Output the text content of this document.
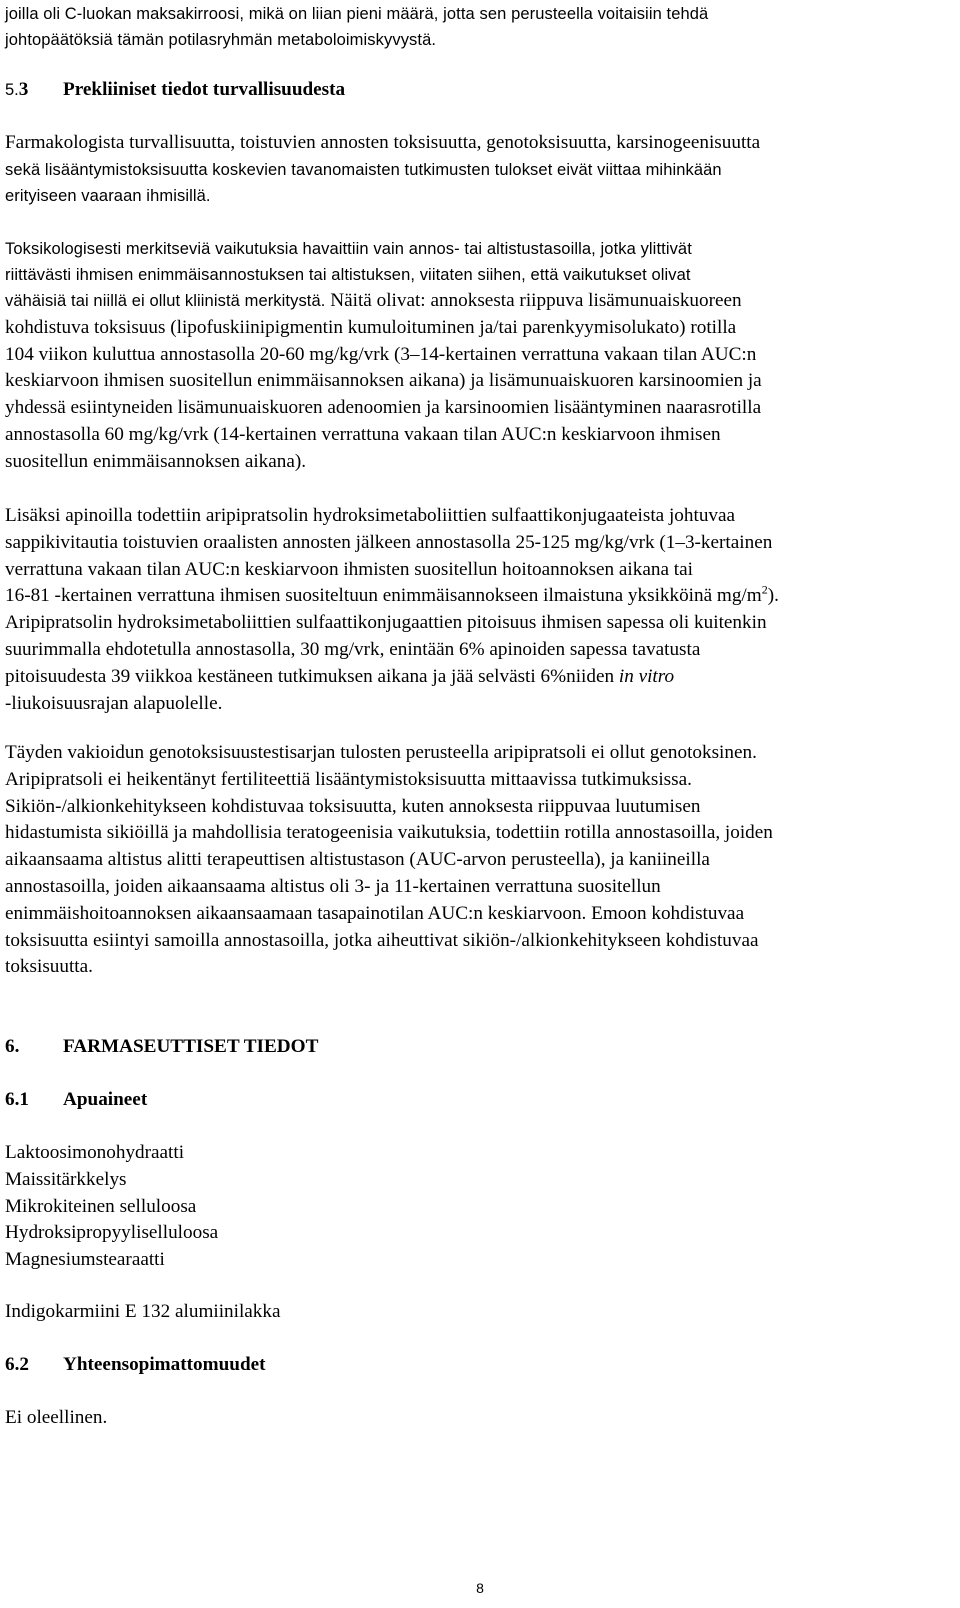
joilla oli C-luokan maksakirroosi, mikä on liian pieni määrä, jotta sen perusteella voitaisiin tehdä
johtopäätöksiä tämän potilasryhmän metaboloimiskyvystä.
5.3 Prekliiniset tiedot turvallisuudesta
Farmakologista turvallisuutta, toistuvien annosten toksisuutta, genotoksisuutta, karsinogeenisuutta
sekä lisääntymistoksisuutta koskevien tavanomaisten tutkimusten tulokset eivät viittaa mihinkään
erityiseen vaaraan ihmisillä.
Toksikologisesti merkitseviä vaikutuksia havaittiin vain annos- tai altistustasoilla, jotka ylittivät
riittävästi ihmisen enimmäisannostuksen tai altistuksen, viitaten siihen, että vaikutukset olivat
vähäisiä tai niillä ei ollut kliinistä merkitystä. Näitä olivat: annoksesta riippuva lisämunuaiskuoreen
kohdistuva toksisuus (lipofuskiinipigmentin kumuloituminen ja/tai parenkyymisolukato) rotilla
104 viikon kuluttua annostasolla 20-60 mg/kg/vrk (3–14-kertainen verrattuna vakaan tilan AUC:n
keskiarvoon ihmisen suositellun enimmäisannoksen aikana) ja lisämunuaiskuoren karsinoomien ja
yhdessä esiintyneiden lisämunuaiskuoren adenoomien ja karsinoomien lisääntyminen naarasrotilla
annostasolla 60 mg/kg/vrk (14-kertainen verrattuna vakaan tilan AUC:n keskiarvoon ihmisen
suositellun enimmäisannoksen aikana).
Lisäksi apinoilla todettiin aripipratsolin hydroksimetaboliittien sulfaattikonjugaateista johtuvaa
sappikivitautia toistuvien oraalisten annosten jälkeen annostasolla 25-125 mg/kg/vrk (1–3-kertainen
verrattuna vakaan tilan AUC:n keskiarvoon ihmisten suositellun hoitoannoksen aikana tai
16-81 -kertainen verrattuna ihmisen suositeltuun enimmäisannokseen ilmaistuna yksikköinä $mg/m^2$).
Aripipratsolin hydroksimetaboliittien sulfaattikonjugaattien pitoisuus ihmisen sapessa oli kuitenkin
suurimmalla ehdotetulla annostasolla, 30 mg/vrk, enintään 6% apinoiden sapessa tavatusta
pitoisuudesta 39 viikkoa kestäneen tutkimuksen aikana ja jää selvästi 6%niiden in vitro
-liukoisuusrajan alapuolelle.
Täyden vakioidun genotoksisuustestisarjan tulosten perusteella aripipratsoli ei ollut genotoksinen.
Aripipratsoli ei heikentänyt fertiliteettiä lisääntymistoksisuutta mittaavissa tutkimuksissa.
Sikiön-/alkionkehitykseen kohdistuvaa toksisuutta, kuten annoksesta riippuvaa luutumisen
hidastumista sikiöillä ja mahdollisia teratogeenisia vaikutuksia, todettiin rotilla annostasoilla, joiden
aikaansaama altistus alitti terapeuttisen altistustason (AUC-arvon perusteella), ja kaniineilla
annostasoilla, joiden aikaansaama altistus oli 3- ja 11-kertainen verrattuna suositellun
enimmäishoitoannoksen aikaansaamaan tasapainotilan AUC:n keskiarvoon. Emoon kohdistuvaa
toksisuutta esiintyi samoilla annostasoilla, jotka aiheuttivat sikiön-/alkionkehitykseen kohdistuvaa
toksisuutta.
6. FARMASEUTTISET TIEDOT
6.1 Apuaineet
Laktoosimonohydraatti
Maissitärkkelys
Mikrokiteinen selluloosa
Hydroksipropyyliselluloosa
Magnesiumstearaatti
Indigokarmiini E 132 alumiinilakka
6.2 Yhteensopimattomuudet
Ei oleellinen.
8
